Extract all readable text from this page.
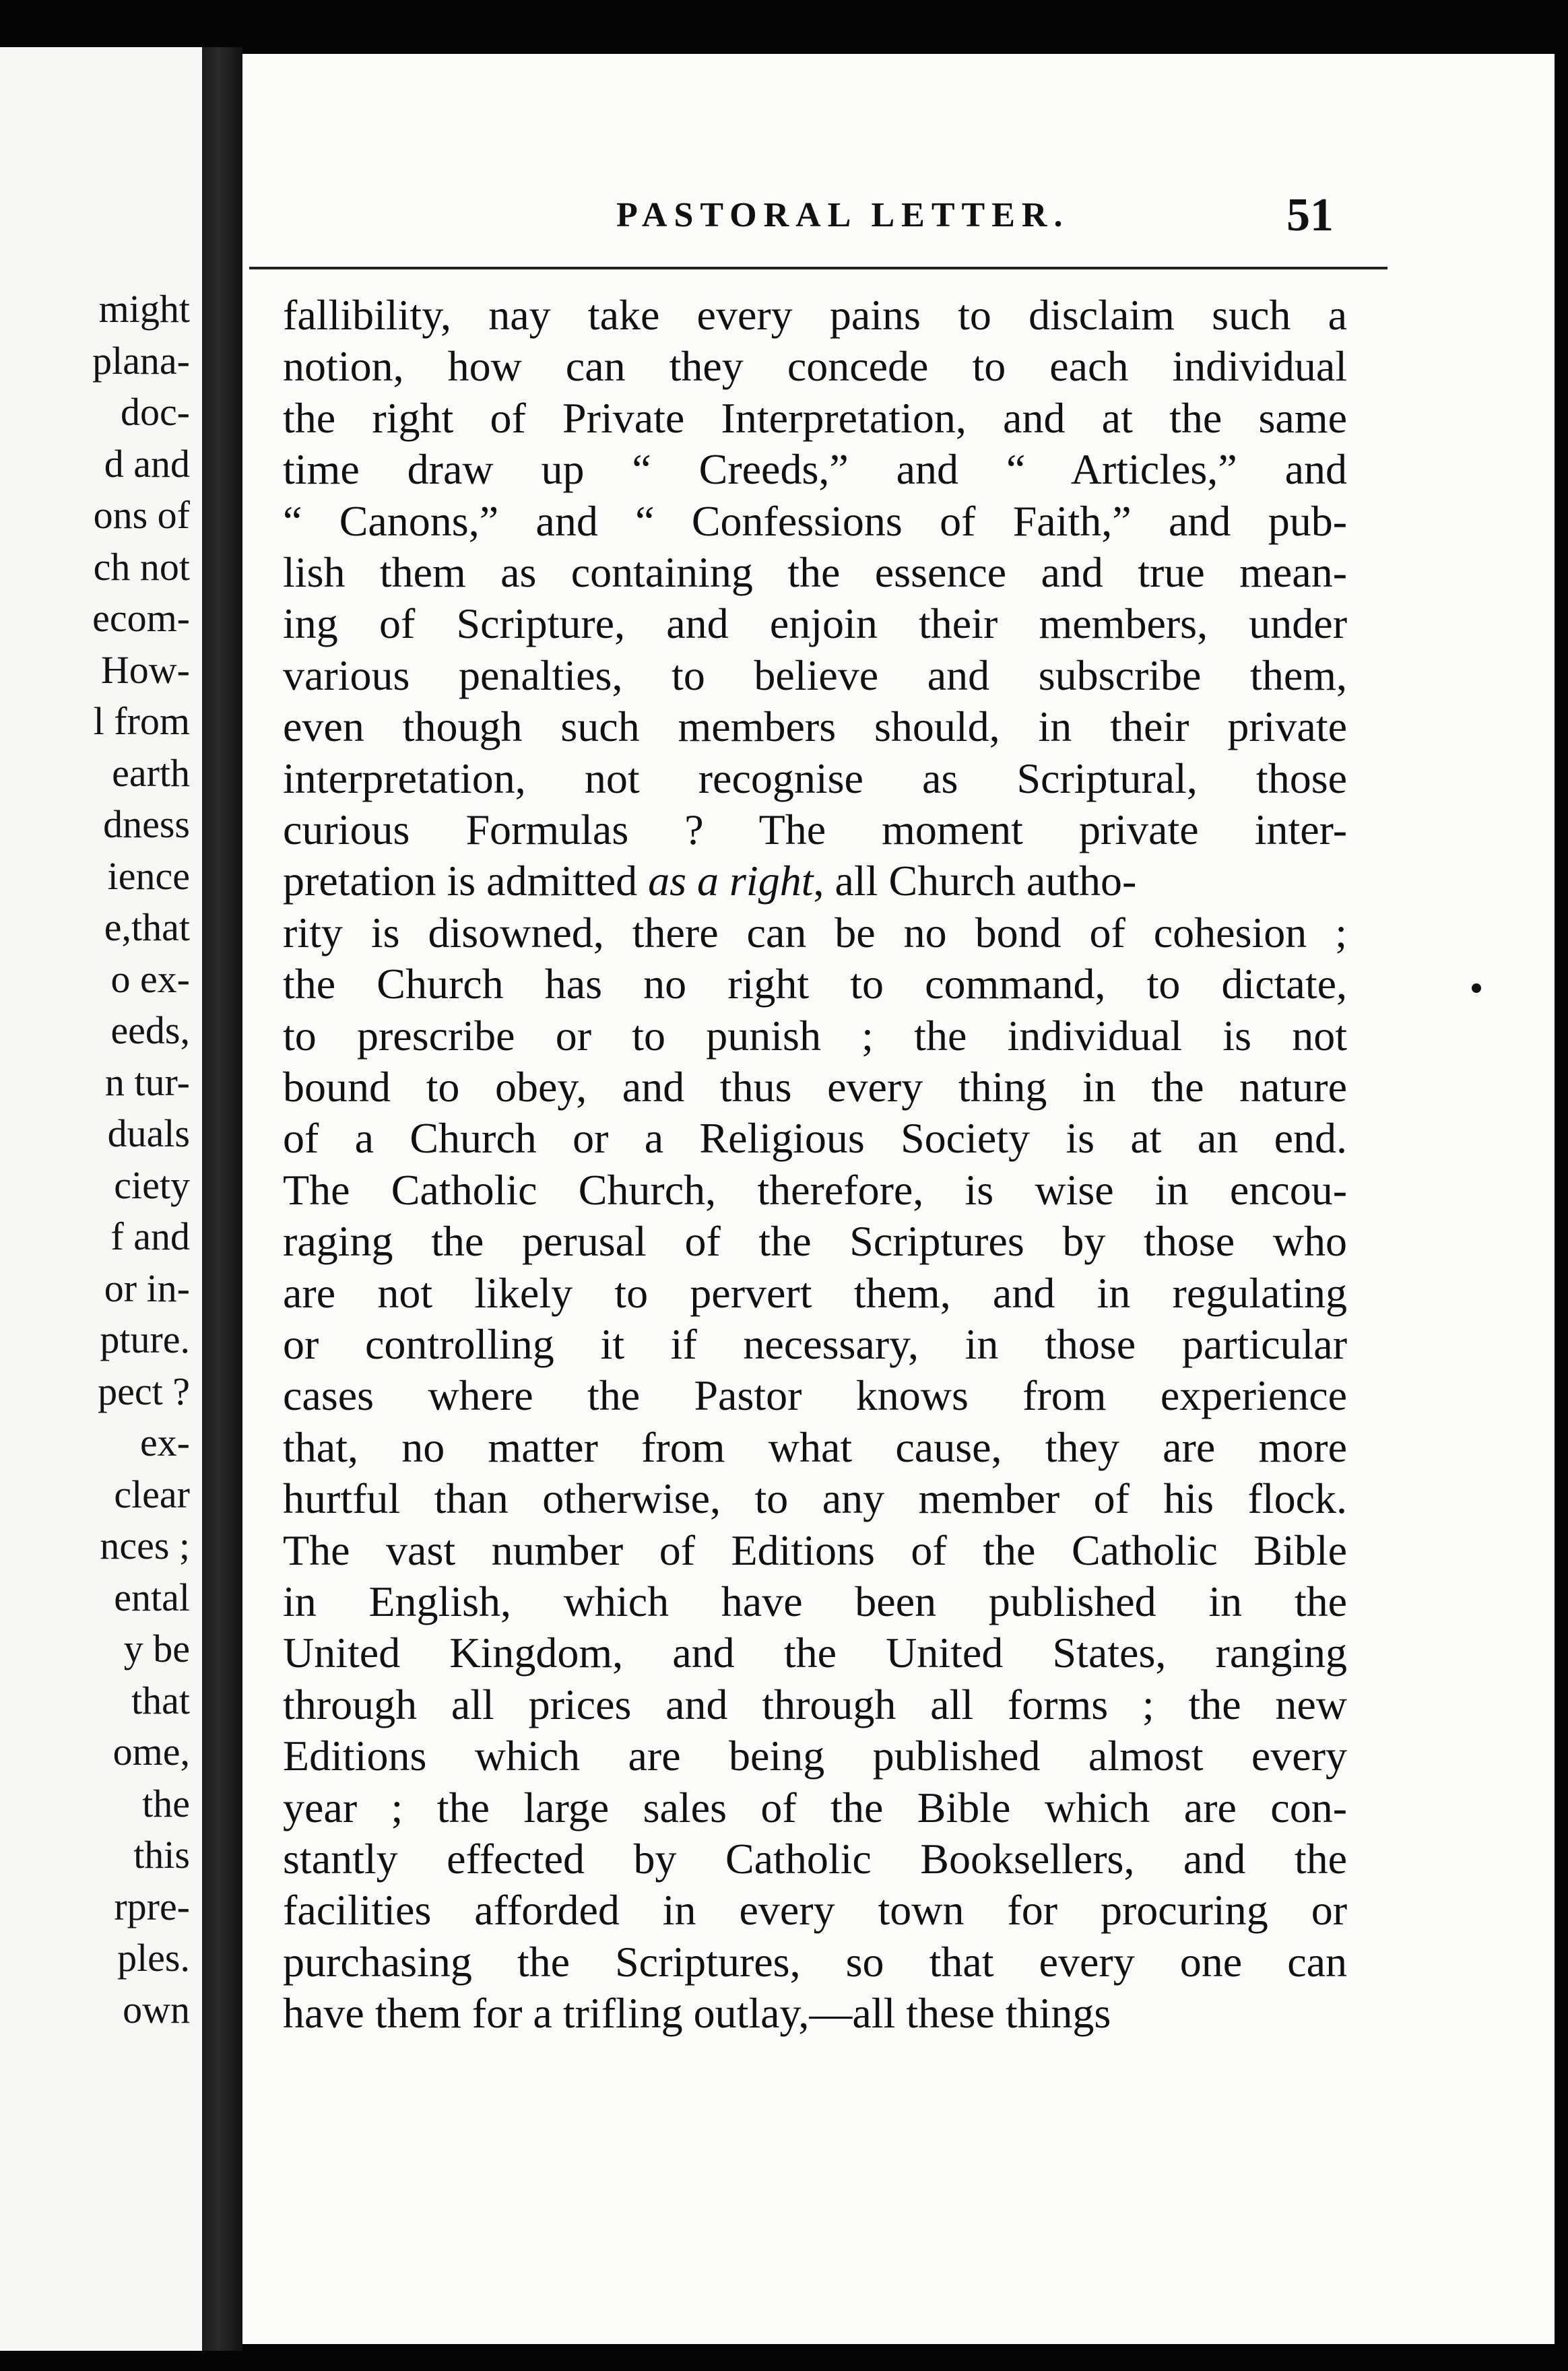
might
plana-
doc-
d and
ons of
ch not
ecom-
How-
l from
earth
dness
ience
e,that
o ex-
eeds,
n tur-
duals
ciety
f and
or in-
pture.
pect ?
ex-
clear
nces ;
ental
y be
that
ome,
the
this
rpre-
ples.
own
PASTORAL LETTER.	51
fallibility, nay take every pains to disclaim such a
notion, how can they concede to each individual
the right of Private Interpretation, and at the same
time draw up “ Creeds,” and “ Articles,” and
“ Canons,” and “ Confessions of Faith,” and pub-
lish them as containing the essence and true mean-
ing of Scripture, and enjoin their members, under
various penalties, to believe and subscribe them,
even though such members should, in their private
interpretation, not recognise as Scriptural, those
curious Formulas ? The moment private inter-
pretation is admitted as a right, all Church autho-
rity is disowned, there can be no bond of cohesion ;
the Church has no right to command, to dictate,
to prescribe or to punish ; the individual is not
bound to obey, and thus every thing in the nature
of a Church or a Religious Society is at an end.
The Catholic Church, therefore, is wise in encou-
raging the perusal of the Scriptures by those who
are not likely to pervert them, and in regulating
or controlling it if necessary, in those particular
cases where the Pastor knows from experience
that, no matter from what cause, they are more
hurtful than otherwise, to any member of his flock.
The vast number of Editions of the Catholic Bible
in English, which have been published in the
United Kingdom, and the United States, ranging
through all prices and through all forms ; the new
Editions which are being published almost every
year ; the large sales of the Bible which are con-
stantly effected by Catholic Booksellers, and the
facilities afforded in every town for procuring or
purchasing the Scriptures, so that every one can
have them for a trifling outlay,—all these things
